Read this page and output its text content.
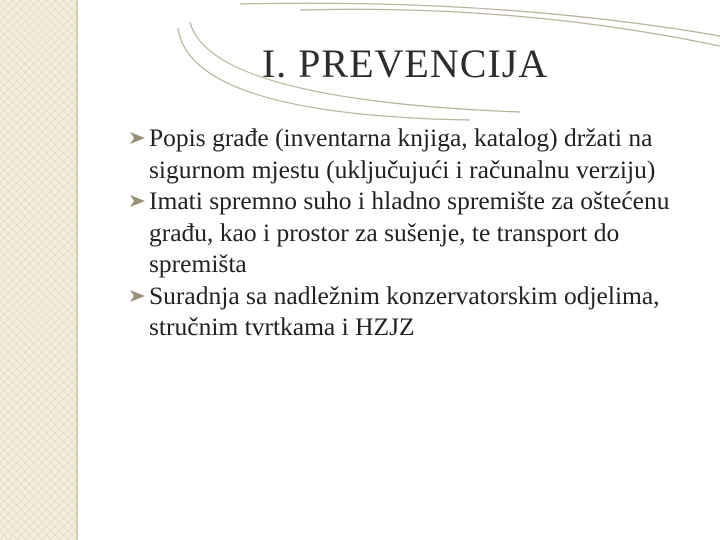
I. PREVENCIJA
Popis građe (inventarna knjiga, katalog) držati na sigurnom mjestu (uključujući i računalnu verziju)
Imati spremno suho i hladno spremište za oštećenu građu, kao i prostor za sušenje, te transport do spremišta
Suradnja sa nadležnim konzervatorskim odjelima, stručnim tvrtkama i HZJZ
